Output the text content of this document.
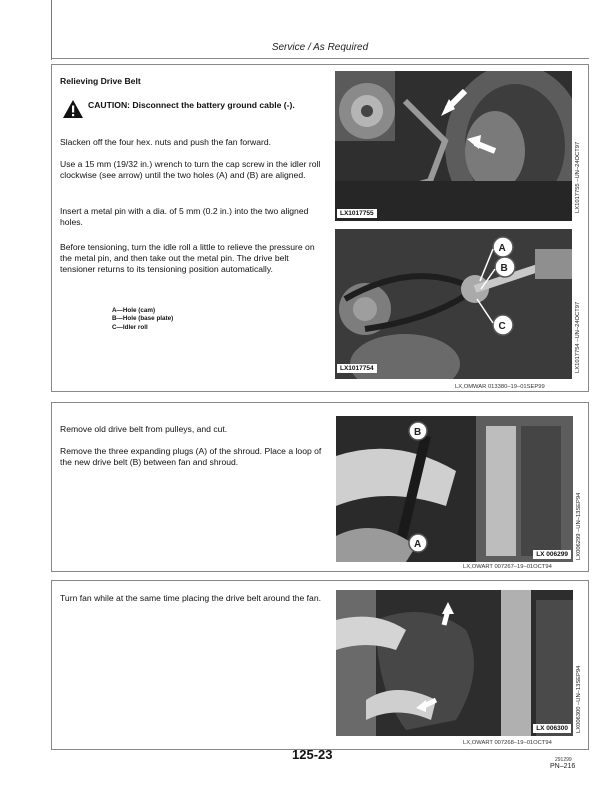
Service / As Required
Relieving Drive Belt
CAUTION: Disconnect the battery ground cable (-).
Slacken off the four hex. nuts and push the fan forward.
Use a 15 mm (19/32 in.) wrench to turn the cap screw in the idler roll clockwise (see arrow) until the two holes (A) and (B) are aligned.
Insert a metal pin with a dia. of 5 mm (0.2 in.) into the two aligned holes.
Before tensioning, turn the idle roll a little to relieve the pressure on the metal pin, and then take out the metal pin. The drive belt tensioner returns to its tensioning position automatically.
A—Hole (cam)
B—Hole (base plate)
C—Idler roll
LX1017755
LX1017755 –UN–24OCT97
A
B
C
LX1017754	LX1017754 –UN–24OCT97
LX,OMWAR 013380–19–01SEP99
Remove old drive belt from pulleys, and cut.
Remove the three expanding plugs (A) of the shroud. Place a loop of the new drive belt (B) between fan and shroud.
B
A
LX 006299	LX006299 –UN–13SEP94
LX,OWART 007267–19–01OCT94
Turn fan while at the same time placing the drive belt around the fan.
LX 006300	LX006300 –UN–13SEP94
LX,OWART 007268–19–01OCT94
125-23	291299
PN–216
